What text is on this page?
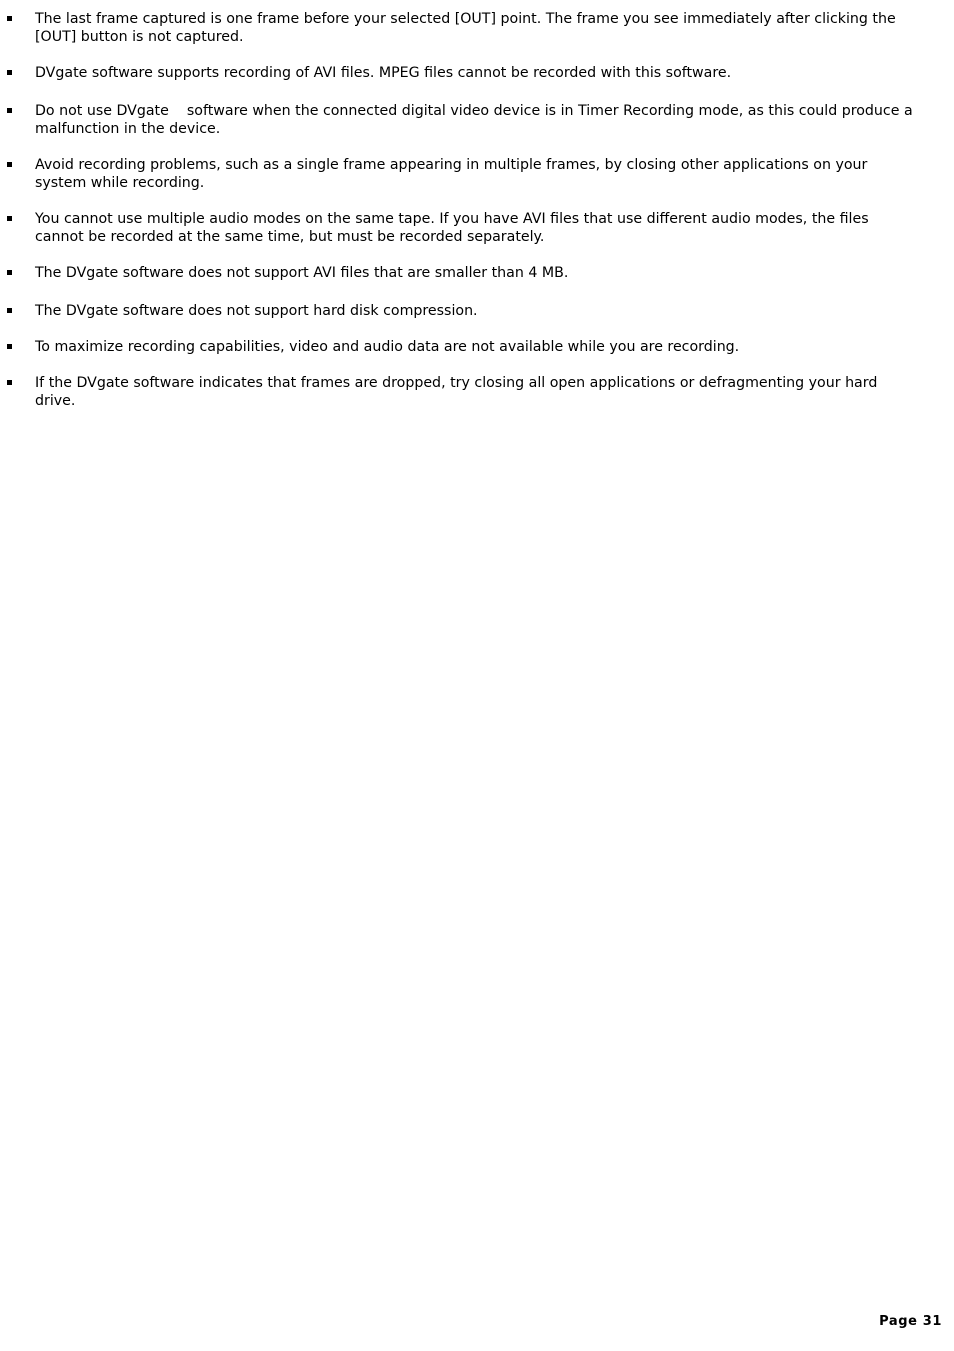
The last frame captured is one frame before your selected [OUT] point. The frame you see immediately after clicking the [OUT] button is not captured.
DVgate software supports recording of AVI files. MPEG files cannot be recorded with this software.
Do not use DVgate    software when the connected digital video device is in Timer Recording mode, as this could produce a malfunction in the device.
Avoid recording problems, such as a single frame appearing in multiple frames, by closing other applications on your system while recording.
You cannot use multiple audio modes on the same tape. If you have AVI files that use different audio modes, the files cannot be recorded at the same time, but must be recorded separately.
The DVgate software does not support AVI files that are smaller than 4 MB.
The DVgate software does not support hard disk compression.
To maximize recording capabilities, video and audio data are not available while you are recording.
If the DVgate software indicates that frames are dropped, try closing all open applications or defragmenting your hard drive.
Page 31
